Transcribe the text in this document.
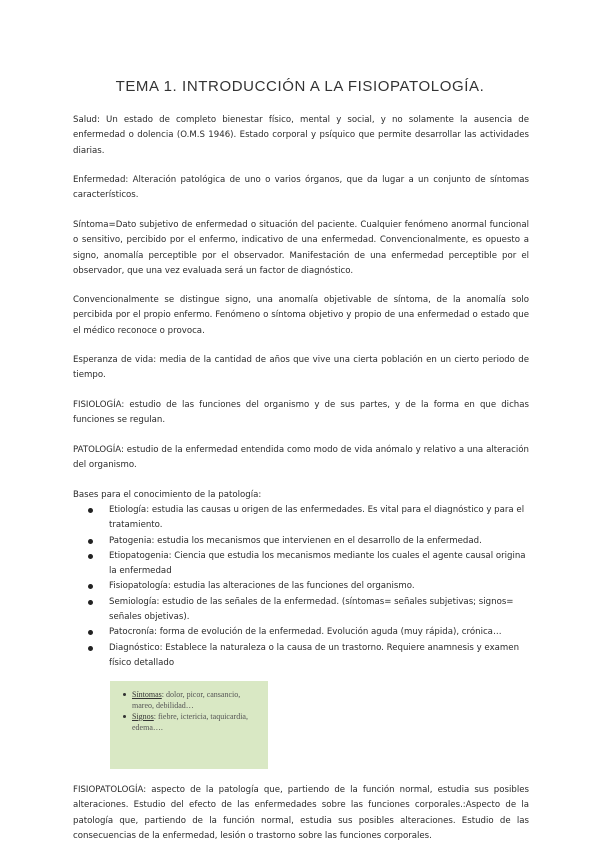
TEMA 1. INTRODUCCIÓN A LA FISIOPATOLOGÍA.
Salud: Un estado de completo bienestar físico, mental y social, y no solamente la ausencia de enfermedad o dolencia (O.M.S 1946). Estado corporal y psíquico que permite desarrollar las actividades diarias.
Enfermedad: Alteración patológica de uno o varios órganos, que da lugar a un conjunto de síntomas característicos.
Síntoma=Dato subjetivo de enfermedad o situación del paciente. Cualquier fenómeno anormal funcional o sensitivo, percibido por el enfermo, indicativo de una enfermedad. Convencionalmente, es opuesto a signo, anomalía perceptible por el observador. Manifestación de una enfermedad perceptible por el observador, que una vez evaluada será un factor de diagnóstico.
Convencionalmente se distingue signo, una anomalía objetivable de síntoma, de la anomalía solo percibida por el propio enfermo. Fenómeno o síntoma objetivo y propio de una enfermedad o estado que el médico reconoce o provoca.
Esperanza de vida: media de la cantidad de años que vive una cierta población en un cierto periodo de tiempo.
FISIOLOGÍA: estudio de las funciones del organismo y de sus partes, y de la forma en que dichas funciones se regulan.
PATOLOGÍA: estudio de la enfermedad entendida como modo de vida anómalo y relativo a una alteración del organismo.
Bases para el conocimiento de la patología:
Etiología: estudia las causas u origen de las enfermedades. Es vital para el diagnóstico y para el tratamiento.
Patogenia: estudia los mecanismos que intervienen en el desarrollo de la enfermedad.
Etiopatogenia: Ciencia que estudia los mecanismos mediante los cuales el agente causal origina la enfermedad
Fisiopatología: estudia las alteraciones de las funciones del organismo.
Semiología: estudio de las señales de la enfermedad. (síntomas= señales subjetivas; signos= señales objetivas).
Patocronía: forma de evolución de la enfermedad. Evolución aguda (muy rápida), crónica…
Diagnóstico: Establece la naturaleza o la causa de un trastorno. Requiere anamnesis y examen físico detallado
Síntomas: dolor, picor, cansancio, mareo, debilidad…
Signos: fiebre, ictericia, taquicardia, edema….
FISIOPATOLOGÍA: aspecto de la patología que, partiendo de la función normal, estudia sus posibles alteraciones. Estudio del efecto de las enfermedades sobre las funciones corporales.:Aspecto de la patología que, partiendo de la función normal, estudia sus posibles alteraciones. Estudio de las consecuencias de la enfermedad, lesión o trastorno sobre las funciones corporales.
